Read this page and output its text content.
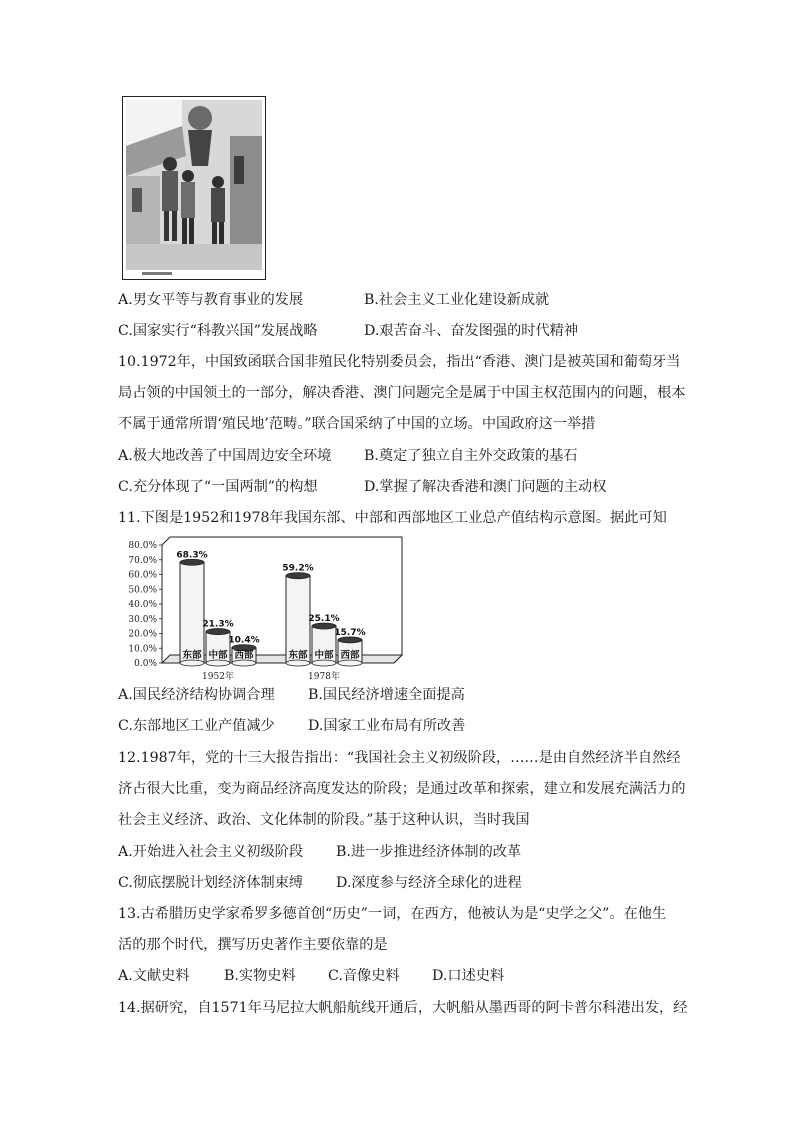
A.男女平等与教育事业的发展	B.社会主义工业化建设新成就
C.国家实行“科教兴国”发展战略	D.艰苦奋斗、奋发图强的时代精神
10.1972年，中国致函联合国非殖民化特别委员会，指出“香港、澳门是被英国和葡萄牙当
局占领的中国领土的一部分，解决香港、澳门问题完全是属于中国主权范围内的问题，根本
不属于通常所谓‘殖民地’范畴。”联合国采纳了中国的立场。中国政府这一举措
A.极大地改善了中国周边安全环境 B.奠定了独立自主外交政策的基石
C.充分体现了“一国两制”的构想	D.掌握了解决香港和澳门问题的主动权
11.下图是1952和1978年我国东部、中部和西部地区工业总产值结构示意图。据此可知
0.0%
10.0%
20.0%
30.0%
40.0%
50.0%
60.0%
70.0%
80.0%
68.3%
东部
21.3%
中部
10.4%
西部
1952年
59.2%
东部
25.1%
中部
15.7%
西部
1978年
A.国民经济结构协调合理 B.国民经济增速全面提高
C.东部地区工业产值减少 D.国家工业布局有所改善
12.1987年，党的十三大报告指出：“我国社会主义初级阶段，……是由自然经济半自然经
济占很大比重，变为商品经济高度发达的阶段；是通过改革和探索，建立和发展充满活力的
社会主义经济、政治、文化体制的阶段。”基于这种认识，当时我国
A.开始进入社会主义初级阶段 B.进一步推进经济体制的改革
C.彻底摆脱计划经济体制束缚 D.深度参与经济全球化的进程
13.古希腊历史学家希罗多德首创“历史”一词，在西方，他被认为是“史学之父”。在他生
活的那个时代，撰写历史著作主要依靠的是
A.文献史料 B.实物史料 C.音像史料 D.口述史料
14.据研究，自1571年马尼拉大帆船航线开通后，大帆船从墨西哥的阿卡普尔科港出发，经
